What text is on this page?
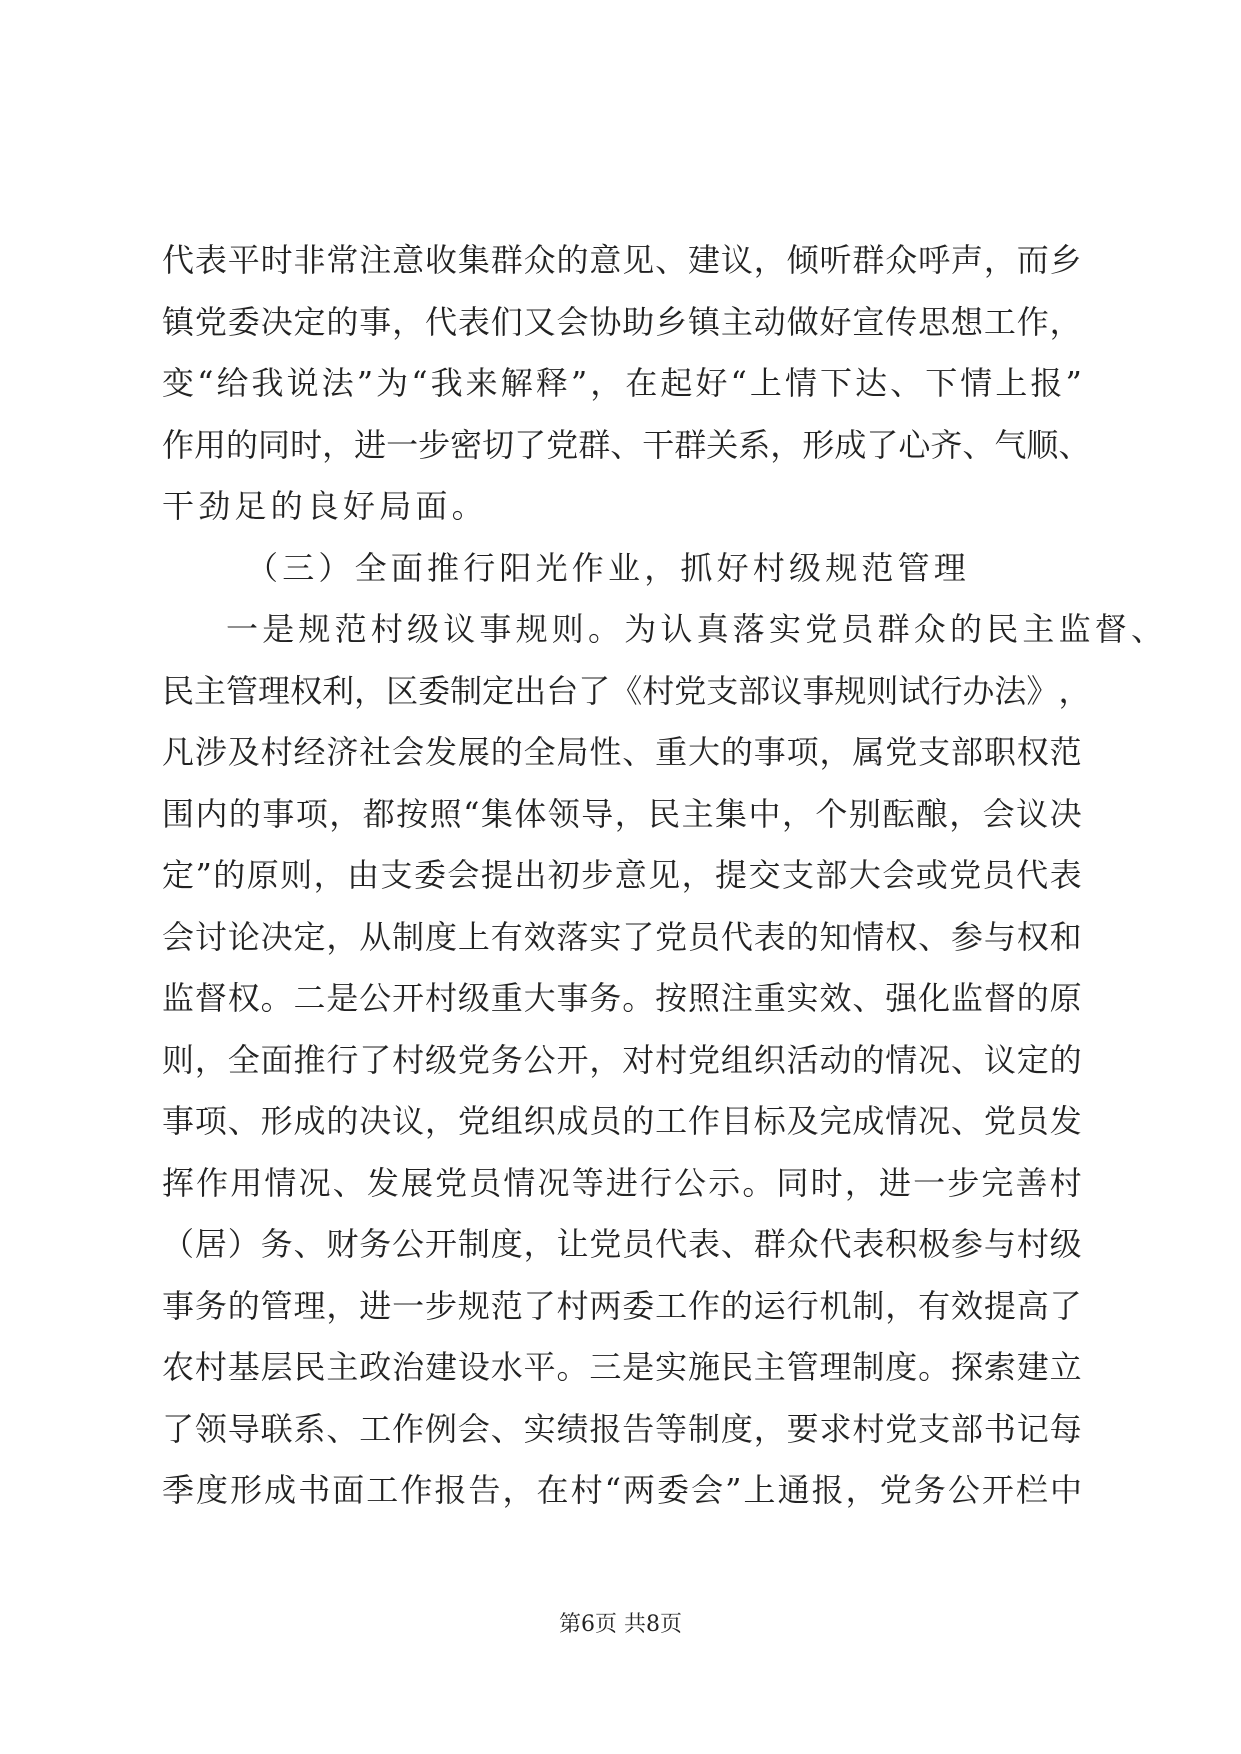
代 表 平 时 非 常 注 意 收 集 群 众 的 意 见 、 建 议 ， 倾 听 群 众 呼 声 ， 而 乡
镇 党 委 决 定 的 事 ， 代 表 们 又 会 协 助 乡 镇 主 动 做 好 宣 传 思 想 工 作 ，
变 “ 给 我 说 法 ” 为 “ 我 来 解 释 ” ， 在 起 好 “ 上 情 下 达 、 下 情 上 报 ”
作 用 的 同 时 ， 进 一 步 密 切 了 党 群 、 干 群 关 系 ， 形 成 了 心 齐 、 气 顺 、
干劲足的良好局面。
（三）全面推行阳光作业，抓好村级规范管理
一是规范村级议事规则。为认真落实党员群众的民主监督、
民 主 管 理 权 利 ， 区 委 制 定 出 台 了 《 村 党 支 部 议 事 规 则 试 行 办 法 》 ，
凡 涉 及 村 经 济 社 会 发 展 的 全 局 性 、 重 大 的 事 项 ， 属 党 支 部 职 权 范
围 内 的 事 项 ， 都 按 照 “ 集 体 领 导 ， 民 主 集 中 ， 个 别 酝 酿 ， 会 议 决
定 ” 的 原 则 ， 由 支 委 会 提 出 初 步 意 见 ， 提 交 支 部 大 会 或 党 员 代 表
会 讨 论 决 定 ， 从 制 度 上 有 效 落 实 了 党 员 代 表 的 知 情 权 、 参 与 权 和
监 督 权 。 二 是 公 开 村 级 重 大 事 务 。 按 照 注 重 实 效 、 强 化 监 督 的 原
则 ， 全 面 推 行 了 村 级 党 务 公 开 ， 对 村 党 组 织 活 动 的 情 况 、 议 定 的
事 项 、 形 成 的 决 议 ， 党 组 织 成 员 的 工 作 目 标 及 完 成 情 况 、 党 员 发
挥 作 用 情 况 、 发 展 党 员 情 况 等 进 行 公 示 。 同 时 ， 进 一 步 完 善 村
（ 居 ） 务 、 财 务 公 开 制 度 ， 让 党 员 代 表 、 群 众 代 表 积 极 参 与 村 级
事 务 的 管 理 ， 进 一 步 规 范 了 村 两 委 工 作 的 运 行 机 制 ， 有 效 提 高 了
农 村 基 层 民 主 政 治 建 设 水 平 。 三 是 实 施 民 主 管 理 制 度 。 探 索 建 立
了 领 导 联 系 、 工 作 例 会 、 实 绩 报 告 等 制 度 ， 要 求 村 党 支 部 书 记 每
季 度 形 成 书 面 工 作 报 告 ， 在 村 “ 两 委 会 ” 上 通 报 ， 党 务 公 开 栏 中
第6页 共8页
